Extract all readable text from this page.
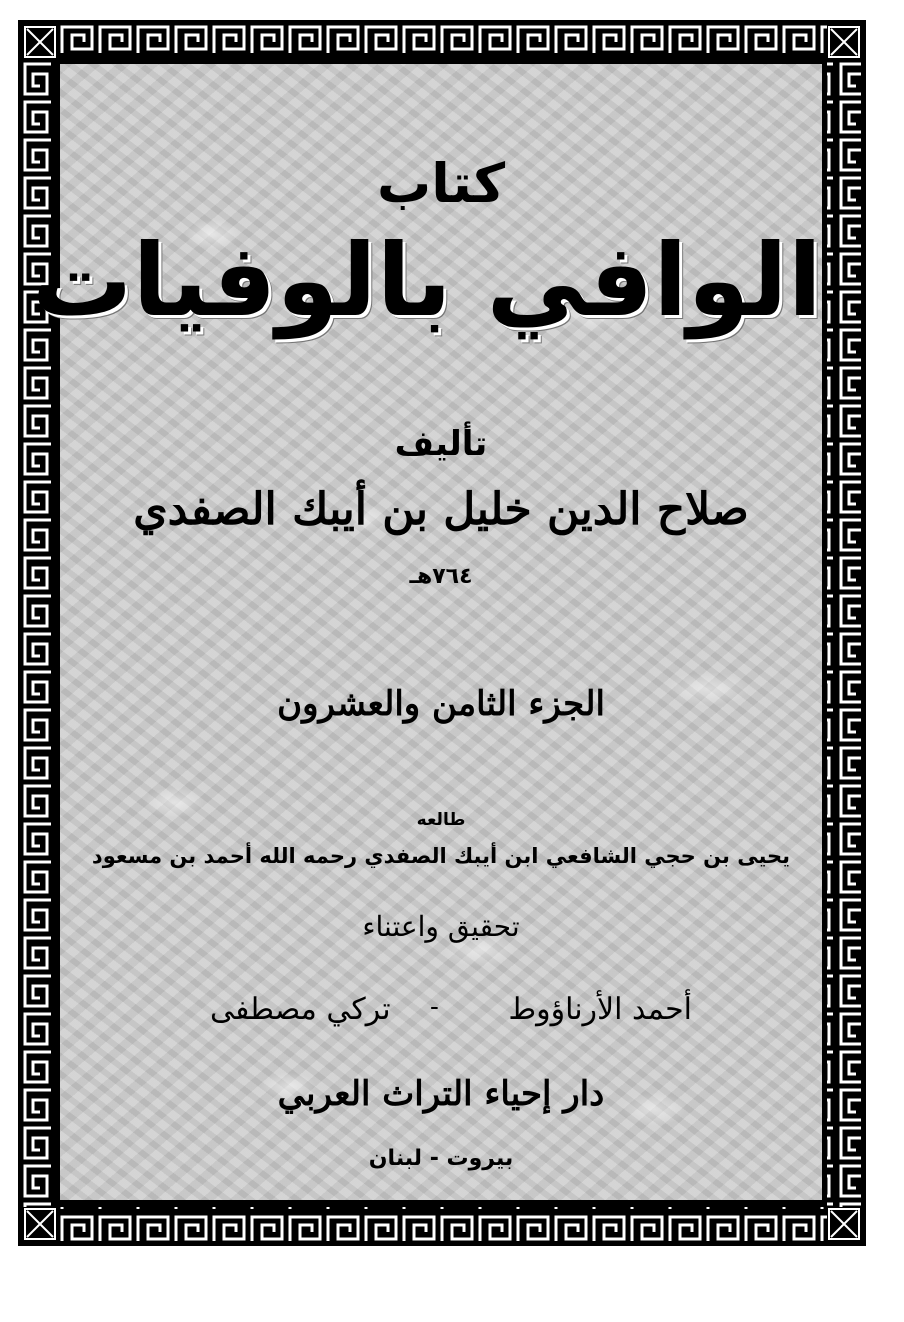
كتاب
الوافي بالوفيات
تأليف
صلاح الدين خليل بن أيبك الصفدي
٧٦٤هـ
الجزء الثامن والعشرون
طالعه
يحيى بن حجي الشافعي ابن أيبك الصفدي رحمه الله أحمد بن مسعود
تحقيق واعتناء
أحمد الأرناؤوط
-
تركي مصطفى
دار إحياء التراث العربي
بيروت - لبنان
